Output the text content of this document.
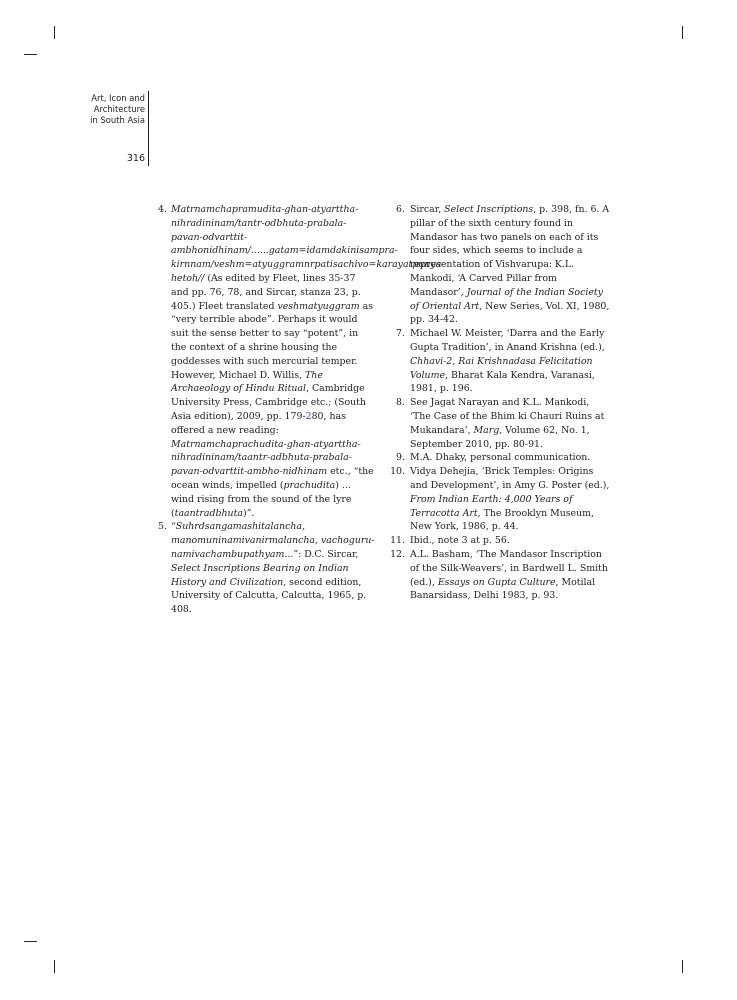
Art, Icon and
Architecture
in South Asia
316
4. Matrnamchapramudita-ghan-atyarttha-nihradininam/tantr-odbhuta-prabala-pavan-odvarttit-ambhonidhinam/......gatam=idamdakinisampra- kirnnam/veshm=atyuggramnrpatisachivo=karayatpunya-hetoh// (As edited by Fleet, lines 35-37 and pp. 76, 78, and Sircar, stanza 23, p. 405.) Fleet translated veshmatyuggram as “very terrible abode”. Perhaps it would suit the sense better to say “potent”, in the context of a shrine housing the goddesses with such mercurial temper. However, Michael D. Willis, The Archaeology of Hindu Ritual, Cambridge University Press, Cambridge etc.; (South Asia edition), 2009, pp. 179-280, has offered a new reading: Matrnamchaprachudita-ghan-atyarttha-nihradininam/taantr-adbhuta-prabala-pavan-odvarttit-ambho-nidhinam etc., “the ocean winds, impelled (prachudita) ... wind rising from the sound of the lyre (taantradbhuta)”.

5. “Suhrdsangamashitalancha, manomuninamivanirmalancha, vachoguru-namivachambupathyam...”: D.C. Sircar, Select Inscriptions Bearing on Indian History and Civilization, second edition, University of Calcutta, Calcutta, 1965, p. 408.

6. Sircar, Select Inscriptions, p. 398, fn. 6. A pillar of the sixth century found in Mandasor has two panels on each of its four sides, which seems to include a representation of Vishvarupa: K.L. Mankodi, ‘A Carved Pillar from Mandasor’, Journal of the Indian Society of Oriental Art, New Series, Vol. XI, 1980, pp. 34-42.

7. Michael W. Meister, ‘Darra and the Early Gupta Tradition’, in Anand Krishna (ed.), Chhavi-2, Rai Krishnadasa Felicitation Volume, Bharat Kala Kendra, Varanasi, 1981, p. 196.

8. See Jagat Narayan and K.L. Mankodi, ‘The Case of the Bhim ki Chauri Ruins at Mukandara’, Marg, Volume 62, No. 1, September 2010, pp. 80-91.

9. M.A. Dhaky, personal communication.

10. Vidya Dehejia, ‘Brick Temples: Origins and Development’, in Amy G. Poster (ed.), From Indian Earth: 4,000 Years of Terracotta Art, The Brooklyn Museum, New York, 1986, p. 44.

11. Ibid., note 3 at p. 56.

12. A.L. Basham, ‘The Mandasor Inscription of the Silk-Weavers’, in Bardwell L. Smith (ed.), Essays on Gupta Culture, Motilal Banarsidass, Delhi 1983, p. 93.
